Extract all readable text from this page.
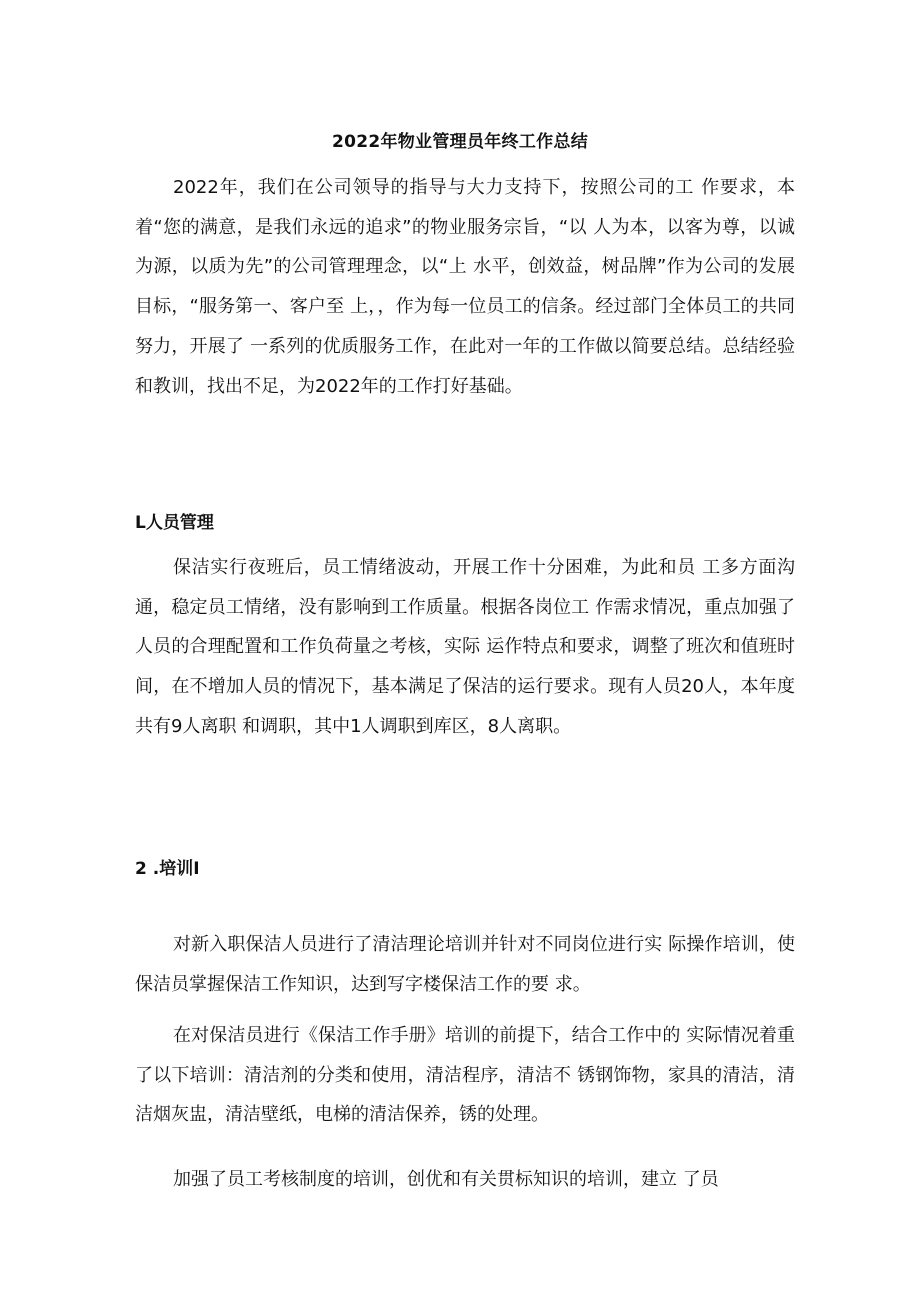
2022年物业管理员年终工作总结

2022年，我们在公司领导的指导与大力支持下，按照公司的工 作要求，本着“您的满意，是我们永远的追求”的物业服务宗旨，“以 人为本，以客为尊，以诚为源，以质为先”的公司管理理念，以“上 水平，创效益，树品牌”作为公司的发展目标，“服务第一、客户至 上，，作为每一位员工的信条。经过部门全体员工的共同努力，开展了 一系列的优质服务工作，在此对一年的工作做以简要总结。总结经验 和教训，找出不足，为2022年的工作打好基础。

L人员管理

保洁实行夜班后，员工情绪波动，开展工作十分困难，为此和员 工多方面沟通，稳定员工情绪，没有影响到工作质量。根据各岗位工 作需求情况，重点加强了人员的合理配置和工作负荷量之考核，实际 运作特点和要求，调整了班次和值班时间，在不增加人员的情况下，基本满足了保洁的运行要求。现有人员20人，本年度共有9人离职 和调职，其中1人调职到库区，8人离职。

2 .培训I

对新入职保洁人员进行了清洁理论培训并针对不同岗位进行实 际操作培训，使保洁员掌握保洁工作知识，达到写字楼保洁工作的要 求。

在对保洁员进行《保洁工作手册》培训的前提下，结合工作中的 实际情况着重了以下培训：清洁剂的分类和使用，清洁程序，清洁不 锈钢饰物，家具的清洁，清洁烟灰盅，清洁壁纸，电梯的清洁保养，锈的处理。

加强了员工考核制度的培训，创优和有关贯标知识的培训，建立 了员
